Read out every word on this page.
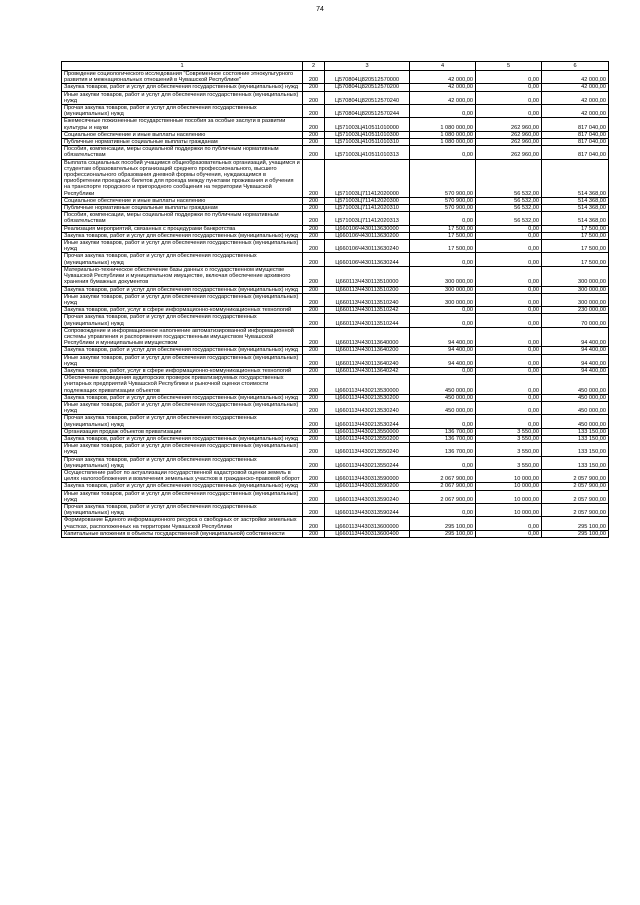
74
1	2	3	4	5	6
Проведение социологического исследования "Современное состояние этнокультурного развития и межнациональных отношений в Чувашской Республике"	200	Ц570804Ц820512570000	42 000,00	0,00	42 000,00
Закупка товаров, работ и услуг для обеспечения государственных (муниципальных) нужд	200	Ц570804Ц820512570200	42 000,00	0,00	42 000,00
Иные закупки товаров, работ и услуг для обеспечения государственных (муниципальных) нужд	200	Ц570804Ц820512570240	42 000,00	0,00	42 000,00
Прочая закупка товаров, работ и услуг для обеспечения государственных (муниципальных) нужд	200	Ц570804Ц820512570244	0,00	0,00	42 000,00
Ежемесячные пожизненные государственные пособия за особые заслуги в развитии культуры и науки	200	Ц571003Ц410511010000	1 080 000,00	262 960,00	817 040,00
Социальное обеспечение и иные выплаты населению	200	Ц571003Ц410511010300	1 080 000,00	262 960,00	817 040,00
Публичные нормативные социальные выплаты гражданам	200	Ц571003Ц410511010310	1 080 000,00	262 960,00	817 040,00
Пособия, компенсации, меры социальной поддержки по публичным нормативным обязательствам	200	Ц571003Ц410511010313	0,00	262 960,00	817 040,00
Выплата социальных пособий учащимся общеобразовательных организаций, учащимся и студентам образовательных организаций среднего профессионального, высшего профессионального образования дневной формы обучения, нуждающимся в приобретении проездных билетов для проезда между пунктами проживания и обучения на транспорте городского и пригородного сообщения на территории Чувашской Республики	200	Ц571003Ц711412020000	570 900,00	56 532,00	514 368,00
Социальное обеспечение и иные выплаты населению	200	Ц571003Ц711412020300	570 900,00	56 532,00	514 368,00
Публичные нормативные социальные выплаты гражданам	200	Ц571003Ц711412020310	570 900,00	56 532,00	514 368,00
Пособия, компенсации, меры социальной поддержки по публичным нормативным обязательствам	200	Ц571003Ц711412020313	0,00	56 532,00	514 368,00
Реализация мероприятий, связанных с процедурами банкротства	200	Ц660106Ч430113630000	17 500,00	0,00	17 500,00
Закупка товаров, работ и услуг для обеспечения государственных (муниципальных) нужд	200	Ц660106Ч430113630200	17 500,00	0,00	17 500,00
Иные закупки товаров, работ и услуг для обеспечения государственных (муниципальных) нужд	200	Ц660106Ч430113630240	17 500,00	0,00	17 500,00
Прочая закупка товаров, работ и услуг для обеспечения государственных (муниципальных) нужд	200	Ц660106Ч430113630244	0,00	0,00	17 500,00
Материально-техническое обеспечение базы данных о государственном имуществе Чувашской Республики и муниципальном имуществе, включая обеспечение архивного хранения бумажных документов	200	Ц660113Ч430113510000	300 000,00	0,00	300 000,00
Закупка товаров, работ и услуг для обеспечения государственных (муниципальных) нужд	200	Ц660113Ч430113510200	300 000,00	0,00	300 000,00
Иные закупки товаров, работ и услуг для обеспечения государственных (муниципальных) нужд	200	Ц660113Ч430113510240	300 000,00	0,00	300 000,00
Закупка товаров, работ, услуг в сфере информационно-коммуникационных технологий	200	Ц660113Ч430113510242	0,00	0,00	230 000,00
Прочая закупка товаров, работ и услуг для обеспечения государственных (муниципальных) нужд	200	Ц660113Ч430113510244	0,00	0,00	70 000,00
Сопровождение и информационное наполнение автоматизированной информационной системы управления и распоряжения государственным имуществом Чувашской Республики и муниципальным имуществом	200	Ц660113Ч430113640000	94 400,00	0,00	94 400,00
Закупка товаров, работ и услуг для обеспечения государственных (муниципальных) нужд	200	Ц660113Ч430113640200	94 400,00	0,00	94 400,00
Иные закупки товаров, работ и услуг для обеспечения государственных (муниципальных) нужд	200	Ц660113Ч430113640240	94 400,00	0,00	94 400,00
Закупка товаров, работ, услуг в сфере информационно-коммуникационных технологий	200	Ц660113Ч430113640242	0,00	0,00	94 400,00
Обеспечение проведения аудиторских проверок приватизируемых государственных унитарных предприятий Чувашской Республики и рыночной оценки стоимости подлежащих приватизации объектов	200	Ц660113Ч430213530000	450 000,00	0,00	450 000,00
Закупка товаров, работ и услуг для обеспечения государственных (муниципальных) нужд	200	Ц660113Ч430213530200	450 000,00	0,00	450 000,00
Иные закупки товаров, работ и услуг для обеспечения государственных (муниципальных) нужд	200	Ц660113Ч430213530240	450 000,00	0,00	450 000,00
Прочая закупка товаров, работ и услуг для обеспечения государственных (муниципальных) нужд	200	Ц660113Ч430213530244	0,00	0,00	450 000,00
Организация продаж объектов приватизации	200	Ц660113Ч430213550000	136 700,00	3 550,00	133 150,00
Закупка товаров, работ и услуг для обеспечения государственных (муниципальных) нужд	200	Ц660113Ч430213550200	136 700,00	3 550,00	133 150,00
Иные закупки товаров, работ и услуг для обеспечения государственных (муниципальных) нужд	200	Ц660113Ч430213550240	136 700,00	3 550,00	133 150,00
Прочая закупка товаров, работ и услуг для обеспечения государственных (муниципальных) нужд	200	Ц660113Ч430213550244	0,00	3 550,00	133 150,00
Осуществление работ по актуализации государственной кадастровой оценки земель в целях налогообложения и вовлечения земельных участков в гражданско-правовой оборот	200	Ц660113Ч430313590000	2 067 900,00	10 000,00	2 057 900,00
Закупка товаров, работ и услуг для обеспечения государственных (муниципальных) нужд	200	Ц660113Ч430313590200	2 067 900,00	10 000,00	2 057 900,00
Иные закупки товаров, работ и услуг для обеспечения государственных (муниципальных) нужд	200	Ц660113Ч430313590240	2 067 900,00	10 000,00	2 057 900,00
Прочая закупка товаров, работ и услуг для обеспечения государственных (муниципальных) нужд	200	Ц660113Ч430313590244	0,00	10 000,00	2 057 900,00
Формирование Единого информационного ресурса о свободных от застройки земельных участках, расположенных на территории Чувашской Республики	200	Ц660113Ч430313600000	295 100,00	0,00	295 100,00
Капитальные вложения в объекты государственной (муниципальной) собственности	200	Ц660113Ч430313600400	295 100,00	0,00	295 100,00
